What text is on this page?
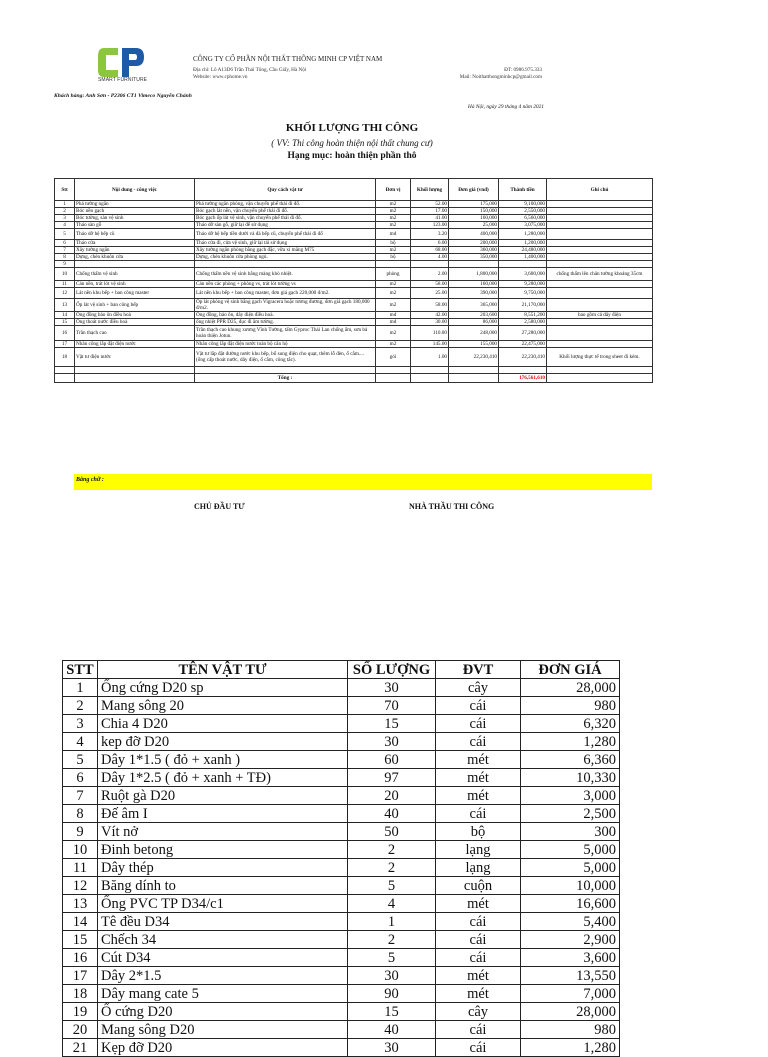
SMART FURNITURE
CÔNG TY CỔ PHẦN NỘI THẤT THÔNG MINH CP VIỆT NAM
Địa chỉ: Lô A13D6 Trần Thái Tông, Cầu Giấy, Hà Nội
Website: www.cphome.vn
ĐT: 0986.975.333
Mail: Noithatthongminhcp@gmail.com
Khách hàng: Anh Sơn - P2306 CT1 Vimeco Nguyễn Chánh
Hà Nội, ngày 29 tháng 4 năm 2021
KHỐI LƯỢNG THI CÔNG
( VV: Thi công hoàn thiện nội thất chung cư)
Hạng mục: hoàn thiện phần thô
Stt	Nội dung - công việc	Quy cách vật tư	Đơn vị	Khối lượng	Đơn giá (vnđ)	Thành tiền	Ghi chú
1	Phá tường ngăn	Phá tường ngăn phòng, vận chuyển phế thải đi đổ.	m2	52.00	175,000	9,100,000	
2	Bóc nền gạch	Bóc gạch lát nền, vận chuyển phế thải đi đổ.	m2	17.00	150,000	2,550,000	
3	Bóc tường, sàn vệ sinh	Bóc gạch ốp lát vệ sinh, vận chuyển phế thải đi đổ.	m2	41.00	160,000	6,560,000	
4	Tháo sàn gỗ	Tháo dỡ sàn gỗ, giữ lại để sử dụng	m2	123.00	25,000	3,075,000	
5	Tháo dỡ hệ bếp cũ	Tháo dỡ hệ bếp tiền dưới và đá bếp cũ, chuyển phế thải đi đổ	md	3.20	400,000	1,280,000	
6	Tháo cửa	Tháo cửa đi, cửa vệ sinh, giữ lại tái sử dụng	bộ	6.00	200,000	1,200,000	
7	Xây tường ngăn	Xây tường ngăn phòng bằng gạch đặc, vữa xi măng M75	m2	68.00	360,000	24,480,000	
8	Dựng, chèn khuôn cửa	Dựng, chèn khuôn cửa phòng ngủ.	bộ	4.00	350,000	1,400,000	
9							
10	Chống thấm vệ sinh	Chống thấm nền vệ sinh bằng màng khò nhiệt.	phòng	2.00	1,800,000	3,600,000	chống thấm lên chân tường khoảng 35cm
11	Cán nền, trát lót vệ sinh	Cán nền các phòng + phòng vs, trát lót tường vs	m2	58.00	160,000	9,280,000	
12	Lát nền khu bếp + ban công master	Lát nền khu bếp + ban công master, đơn giá gạch 220,000 đ/m2.	m2	25.00	390,000	9,750,000	
13	Ốp lát vệ sinh + ban công bếp	Ốp lát phòng vệ sinh bằng gạch Vigracera hoặc tương đương, đơn giá gạch 180,000 đ/m2.	m2	58.00	365,000	21,170,000	
14	Ống đồng bảo ôn điều hoà	Ống đồng, bảo ôn, dây điện điều hoà.	md	42.00	203,600	8,551,200	bao gồm cả dây điện
15	Ống thoát nước điều hoà	ống nhiệt PPR D25, đục đi âm tường.	md	30.00	86,000	2,580,000	
16	Trần thạch cao	Trần thạch cao khung xương Vĩnh Tường, tấm Gyproc Thái Lan chống ẩm, sơn bả hoàn thiện Jotun.	m2	110.00	248,000	27,280,000	
17	Nhân công lắp đặt điện nước	Nhân công lắp đặt điện nước toàn bộ căn hộ	m2	145.00	155,000	22,475,000	
18	Vật tư điện nước	Vật tư lắp đặt đường nước khu bếp, bổ sung điện cho quạt, thêm lỗ đèn, ổ cắm.... (ống cấp thoát nước, dây điện, ổ cắm, công tắc).	gói	1.00	22,230,410	22,230,410	Khối lượng thực tế trong sheet đi kèm.

		Tổng :				176,561,610	
Bằng chữ :
CHỦ ĐẦU TƯ	NHÀ THẦU THI CÔNG
STT	TÊN VẬT TƯ	SỐ LƯỢNG	ĐVT	ĐƠN GIÁ
1	Ống cứng D20 sp	30	cây	28,000
2	Mang sông 20	70	cái	980
3	Chia 4 D20	15	cái	6,320
4	kep đỡ D20	30	cái	1,280
5	Dây 1*1.5 ( đỏ + xanh )	60	mét	6,360
6	Dây 1*2.5 ( đỏ + xanh + TĐ)	97	mét	10,330
7	Ruột gà D20	20	mét	3,000
8	Đế âm I	40	cái	2,500
9	Vít nở	50	bộ	300
10	Đinh betong	2	lạng	5,000
11	Dây thép	2	lạng	5,000
12	Băng dính to	5	cuộn	10,000
13	Ống PVC TP D34/c1	4	mét	16,600
14	Tê đều D34	1	cái	5,400
15	Chếch 34	2	cái	2,900
16	Cút D34	5	cái	3,600
17	Dây 2*1.5	30	mét	13,550
18	Dây mang cate 5	90	mét	7,000
19	Ố cứng D20	15	cây	28,000
20	Mang sông D20	40	cái	980
21	Kẹp đỡ D20	30	cái	1,280
